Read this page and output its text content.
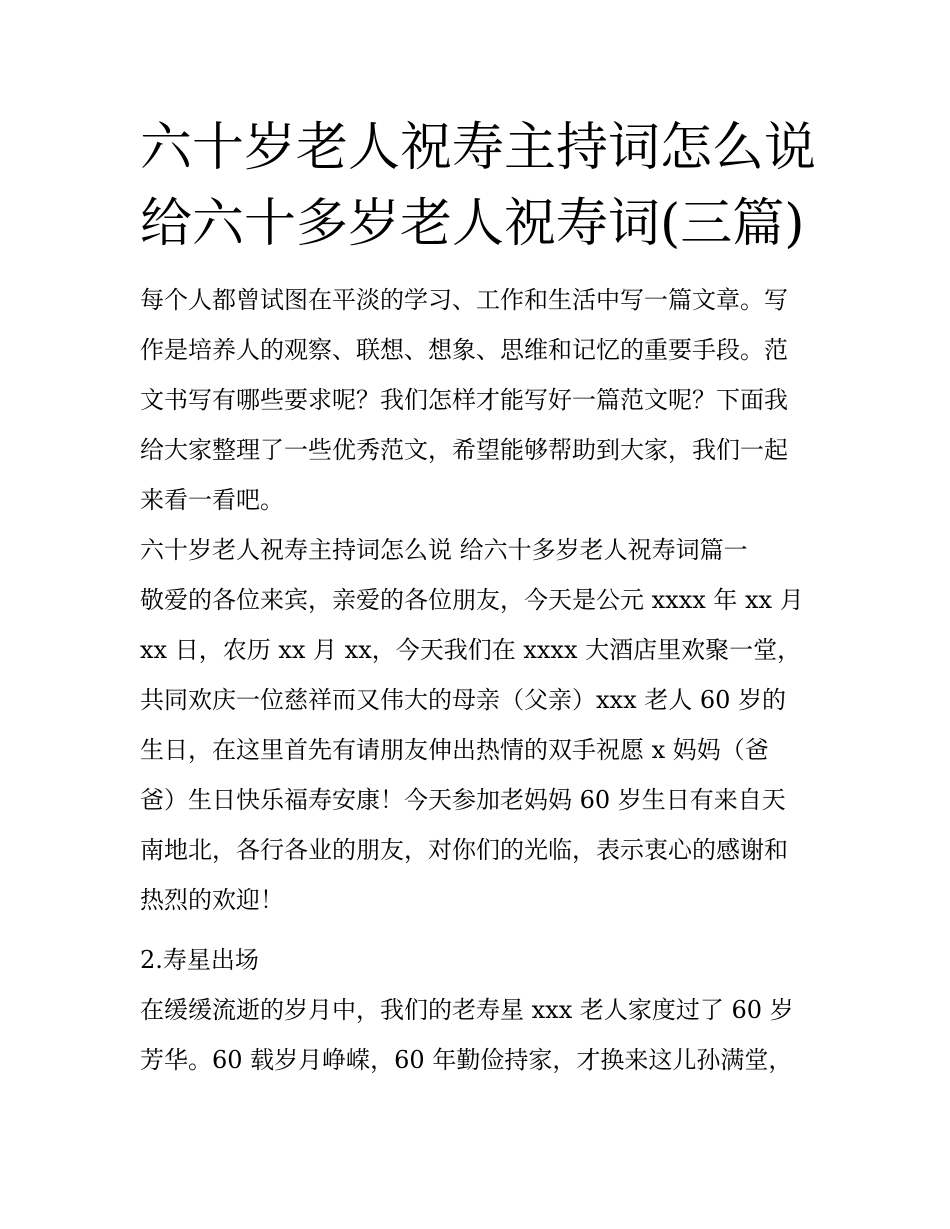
六十岁老人祝寿主持词怎么说
给六十多岁老人祝寿词(三篇)
每个人都曾试图在平淡的学习、工作和生活中写一篇文章。写
作是培养人的观察、联想、想象、思维和记忆的重要手段。范
文书写有哪些要求呢？我们怎样才能写好一篇范文呢？下面我
给大家整理了一些优秀范文，希望能够帮助到大家，我们一起
来看一看吧。
六十岁老人祝寿主持词怎么说 给六十多岁老人祝寿词篇一
敬爱的各位来宾，亲爱的各位朋友，今天是公元 xxxx 年 xx 月
xx 日，农历 xx 月 xx，今天我们在 xxxx 大酒店里欢聚一堂，
共同欢庆一位慈祥而又伟大的母亲（父亲）xxx 老人 60 岁的
生日，在这里首先有请朋友伸出热情的双手祝愿 x 妈妈（爸
爸）生日快乐福寿安康！今天参加老妈妈 60 岁生日有来自天
南地北，各行各业的朋友，对你们的光临，表示衷心的感谢和
热烈的欢迎！
2.寿星出场
在缓缓流逝的岁月中，我们的老寿星 xxx 老人家度过了 60 岁
芳华。60 载岁月峥嵘，60 年勤俭持家，才换来这儿孙满堂，
